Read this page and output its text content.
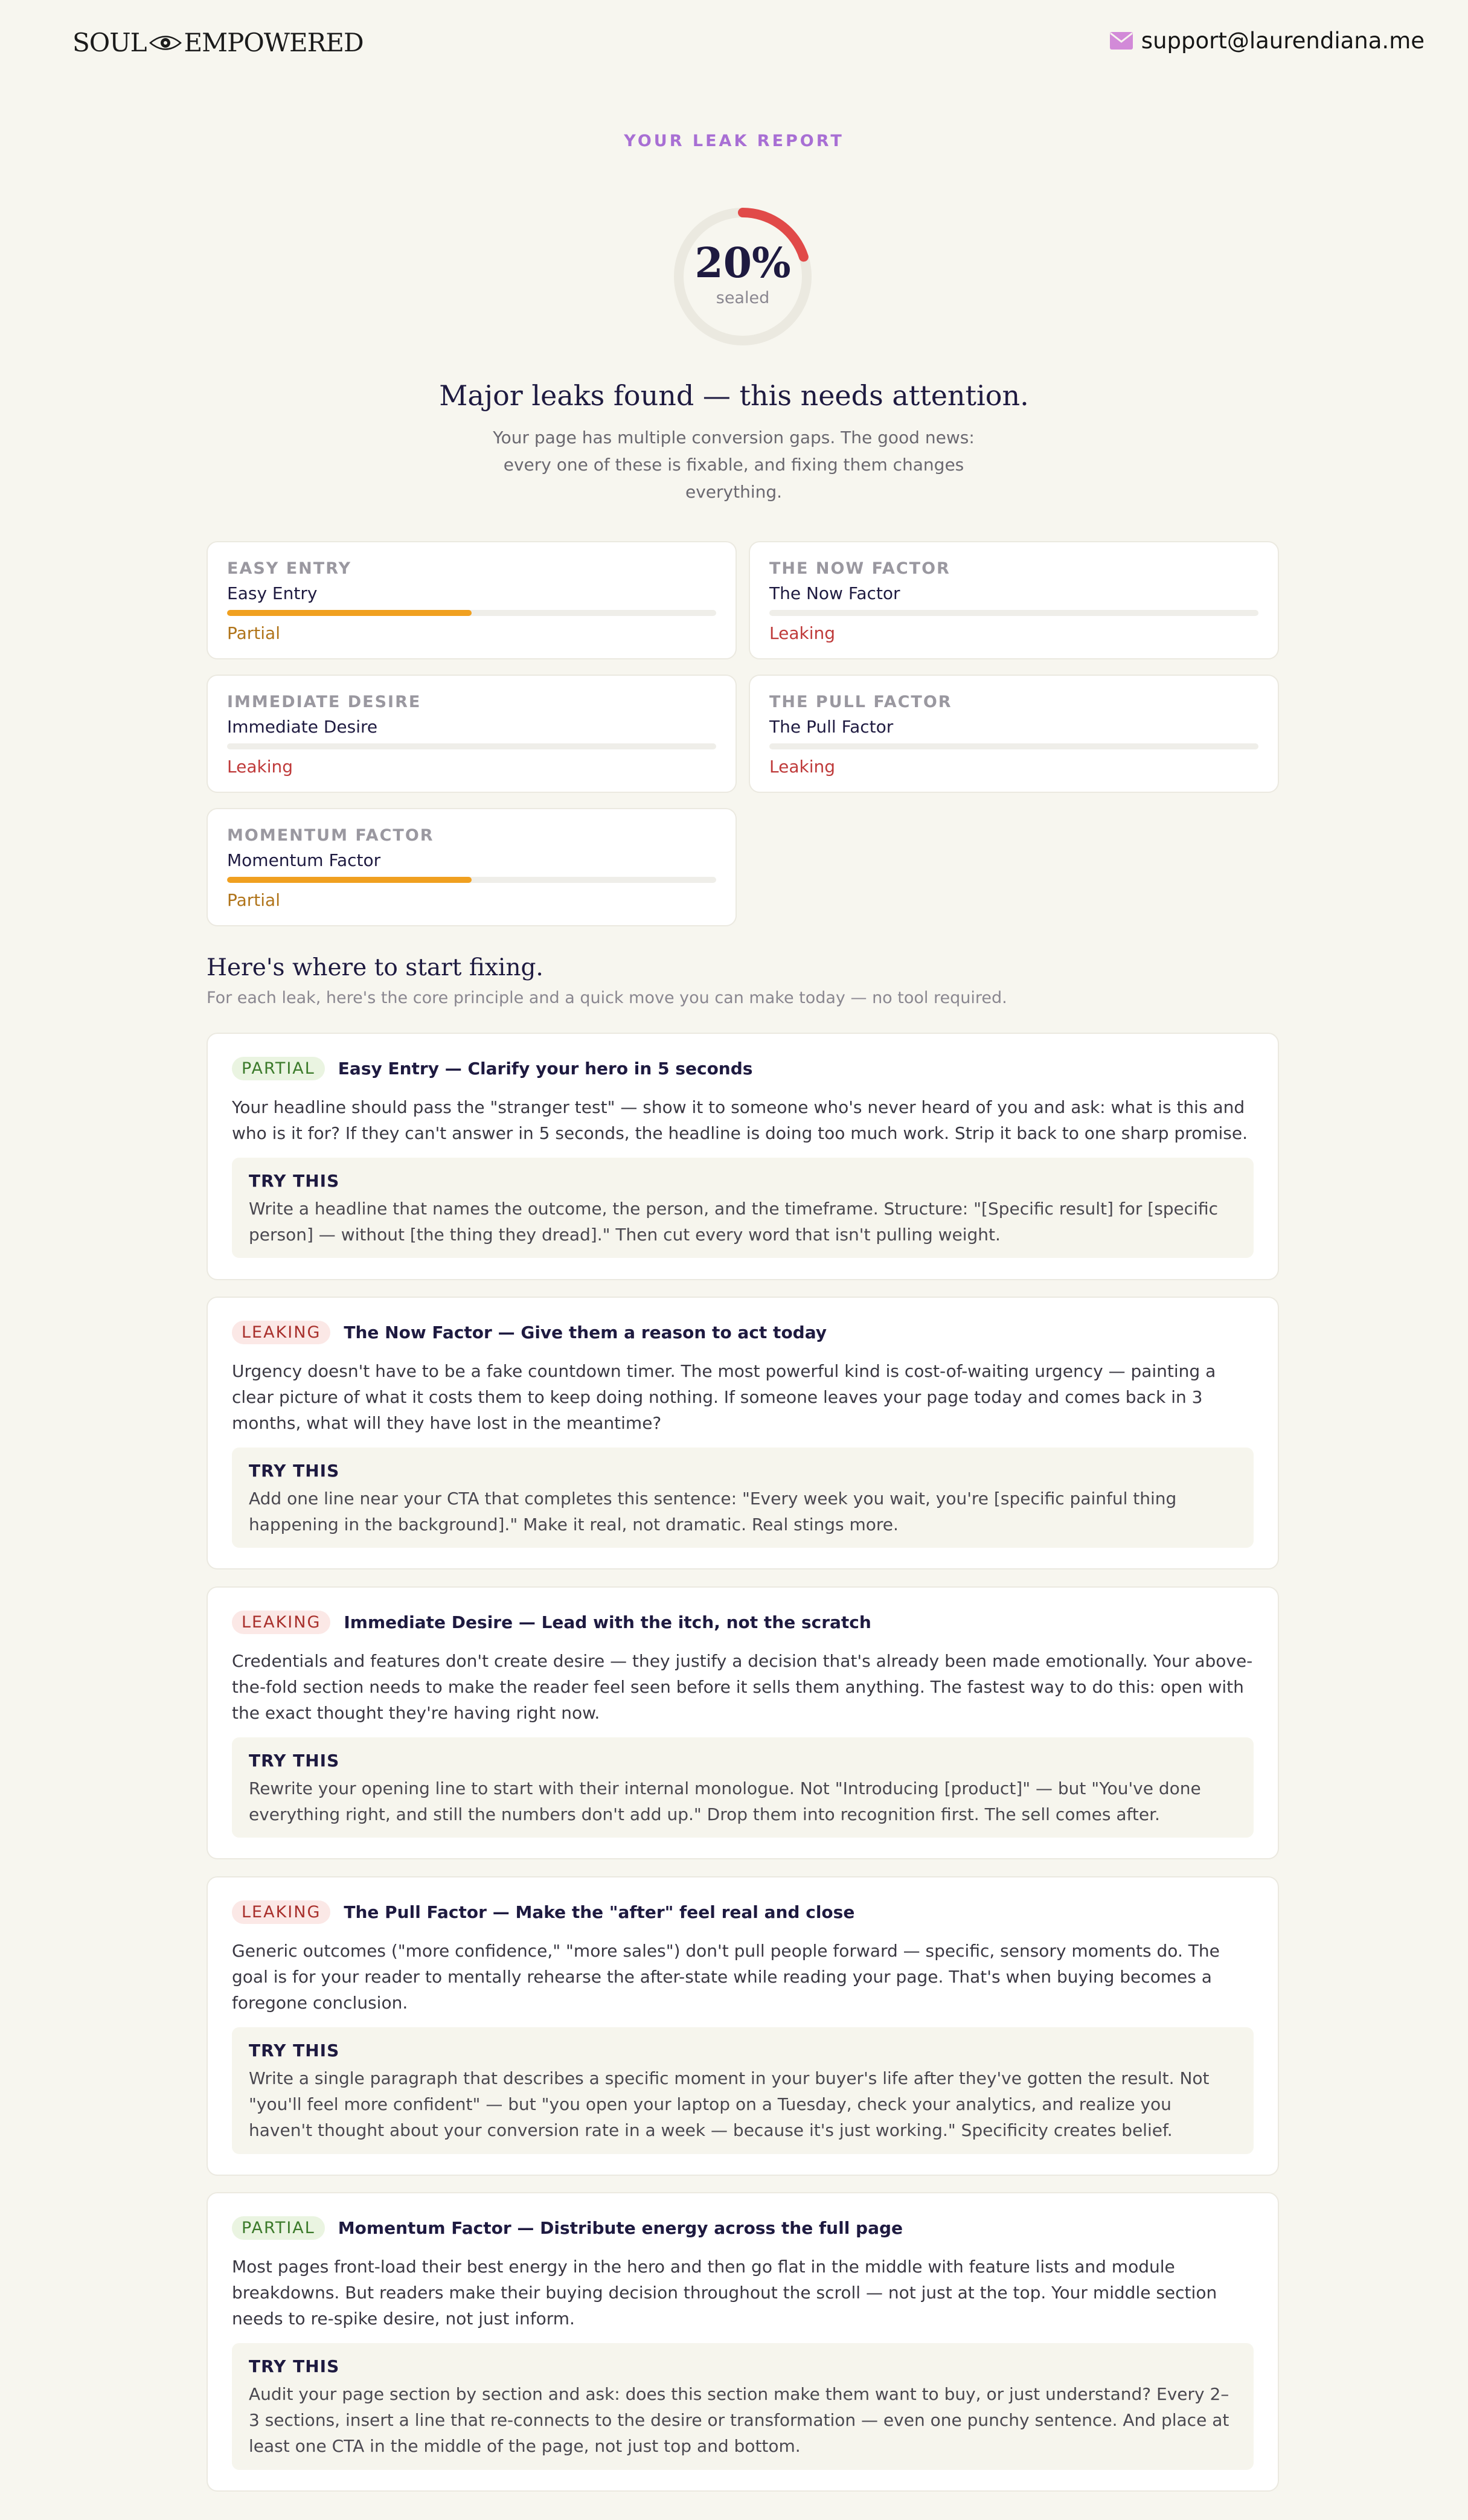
SOUL EMPOWERED	support@laurendiana.me
YOUR LEAK REPORT
20%
sealed
Major leaks found — this needs attention.
Your page has multiple conversion gaps. The good news: every one of these is fixable, and fixing them changes everything.
EASY ENTRY
Easy Entry
Partial
THE NOW FACTOR
The Now Factor
Leaking
IMMEDIATE DESIRE
Immediate Desire
Leaking
THE PULL FACTOR
The Pull Factor
Leaking
MOMENTUM FACTOR
Momentum Factor
Partial
Here's where to start fixing.
For each leak, here's the core principle and a quick move you can make today — no tool required.
PARTIAL	Easy Entry — Clarify your hero in 5 seconds
Your headline should pass the "stranger test" — show it to someone who's never heard of you and ask: what is this and who is it for? If they can't answer in 5 seconds, the headline is doing too much work. Strip it back to one sharp promise.
TRY THIS
Write a headline that names the outcome, the person, and the timeframe. Structure: "[Specific result] for [specific person] — without [the thing they dread]." Then cut every word that isn't pulling weight.
LEAKING	The Now Factor — Give them a reason to act today
Urgency doesn't have to be a fake countdown timer. The most powerful kind is cost-of-waiting urgency — painting a clear picture of what it costs them to keep doing nothing. If someone leaves your page today and comes back in 3 months, what will they have lost in the meantime?
TRY THIS
Add one line near your CTA that completes this sentence: "Every week you wait, you're [specific painful thing happening in the background]." Make it real, not dramatic. Real stings more.
LEAKING	Immediate Desire — Lead with the itch, not the scratch
Credentials and features don't create desire — they justify a decision that's already been made emotionally. Your above-the-fold section needs to make the reader feel seen before it sells them anything. The fastest way to do this: open with the exact thought they're having right now.
TRY THIS
Rewrite your opening line to start with their internal monologue. Not "Introducing [product]" — but "You've done everything right, and still the numbers don't add up." Drop them into recognition first. The sell comes after.
LEAKING	The Pull Factor — Make the "after" feel real and close
Generic outcomes ("more confidence," "more sales") don't pull people forward — specific, sensory moments do. The goal is for your reader to mentally rehearse the after-state while reading your page. That's when buying becomes a foregone conclusion.
TRY THIS
Write a single paragraph that describes a specific moment in your buyer's life after they've gotten the result. Not "you'll feel more confident" — but "you open your laptop on a Tuesday, check your analytics, and realize you haven't thought about your conversion rate in a week — because it's just working." Specificity creates belief.
PARTIAL	Momentum Factor — Distribute energy across the full page
Most pages front-load their best energy in the hero and then go flat in the middle with feature lists and module breakdowns. But readers make their buying decision throughout the scroll — not just at the top. Your middle section needs to re-spike desire, not just inform.
TRY THIS
Audit your page section by section and ask: does this section make them want to buy, or just understand? Every 2–3 sections, insert a line that re-connects to the desire or transformation — even one punchy sentence. And place at least one CTA in the middle of the page, not just top and bottom.
